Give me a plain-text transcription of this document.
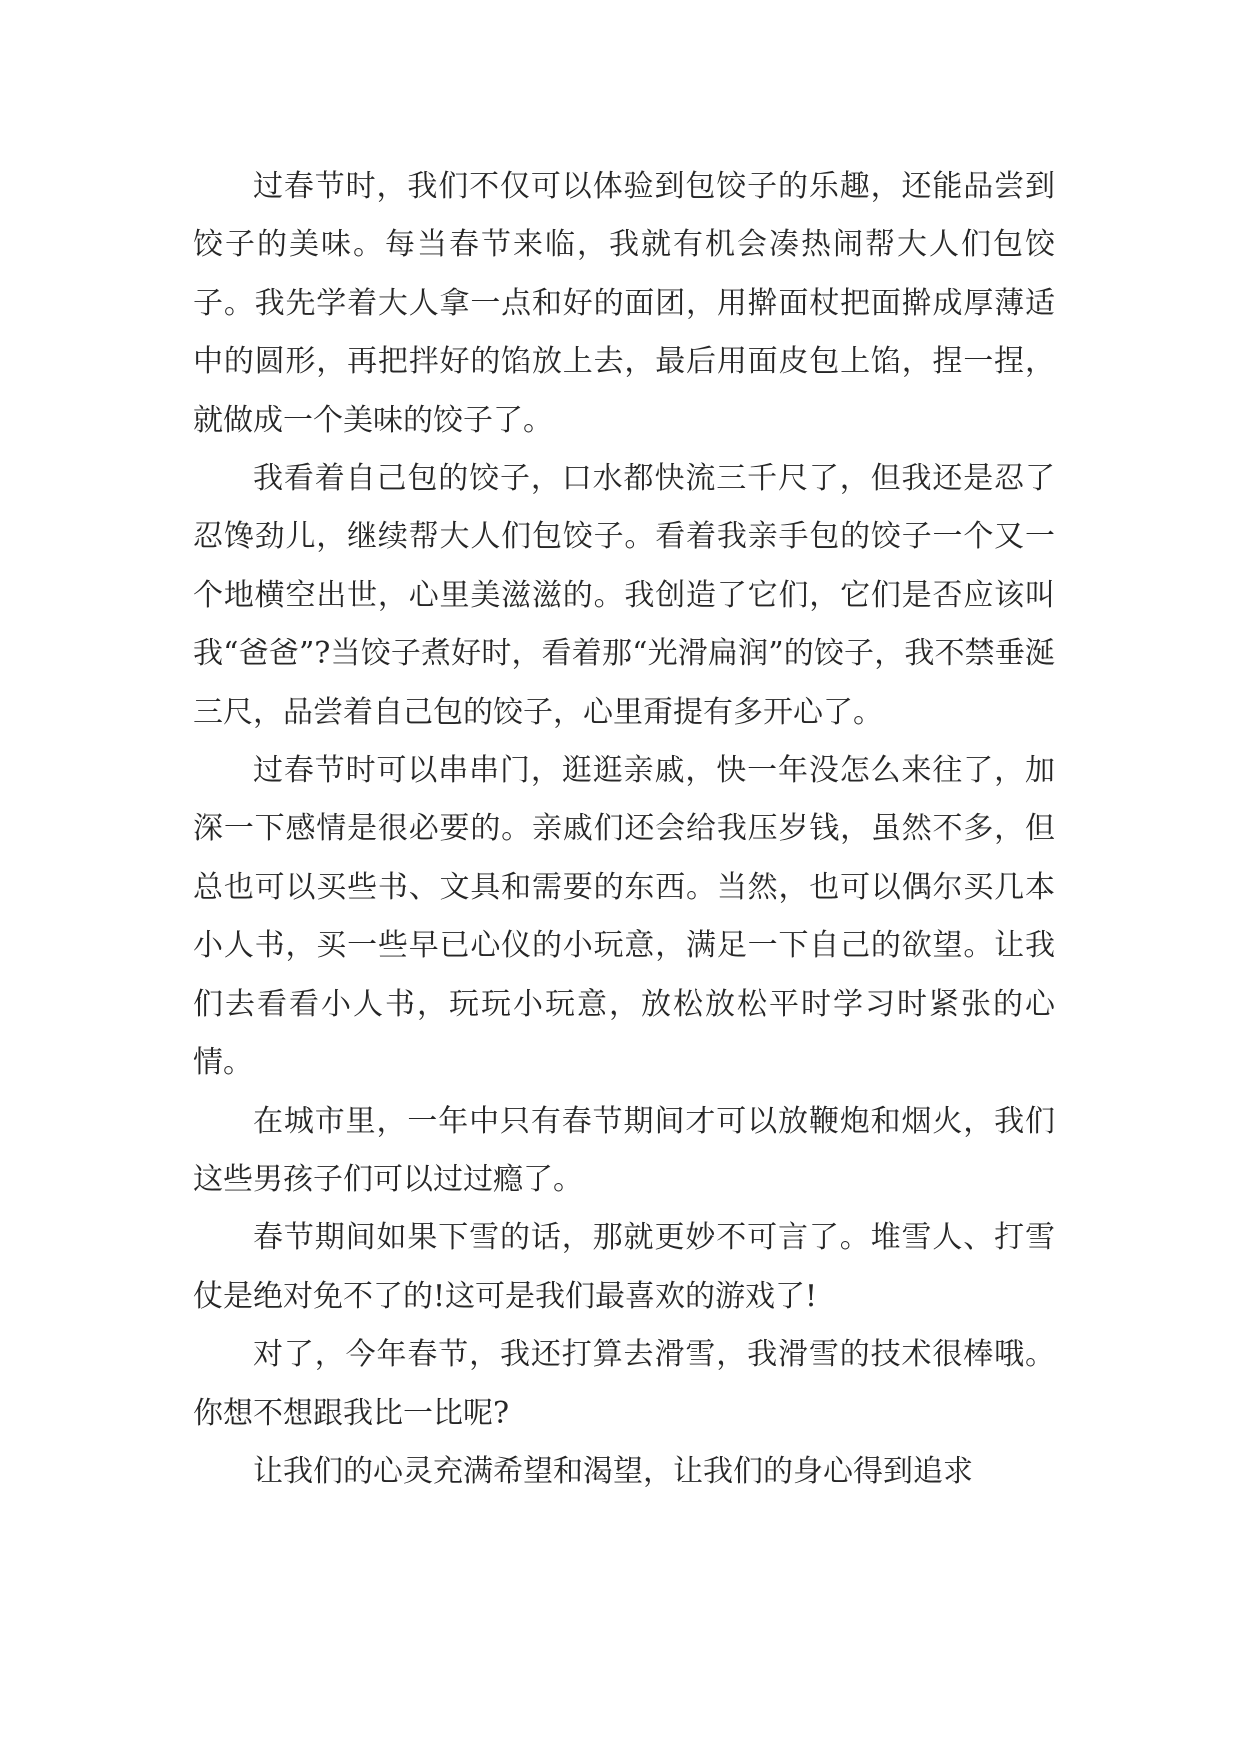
过春节时，我们不仅可以体验到包饺子的乐趣，还能品尝到饺子的美味。每当春节来临，我就有机会凑热闹帮大人们包饺子。我先学着大人拿一点和好的面团，用擀面杖把面擀成厚薄适中的圆形，再把拌好的馅放上去，最后用面皮包上馅，捏一捏，就做成一个美味的饺子了。

我看着自己包的饺子，口水都快流三千尺了，但我还是忍了忍馋劲儿，继续帮大人们包饺子。看着我亲手包的饺子一个又一个地横空出世，心里美滋滋的。我创造了它们，它们是否应该叫我“爸爸”?当饺子煮好时，看着那“光滑扁润”的饺子，我不禁垂涎三尺，品尝着自己包的饺子，心里甭提有多开心了。

过春节时可以串串门，逛逛亲戚，快一年没怎么来往了，加深一下感情是很必要的。亲戚们还会给我压岁钱，虽然不多，但总也可以买些书、文具和需要的东西。当然，也可以偶尔买几本小人书，买一些早已心仪的小玩意，满足一下自己的欲望。让我们去看看小人书，玩玩小玩意，放松放松平时学习时紧张的心情。

在城市里，一年中只有春节期间才可以放鞭炮和烟火，我们这些男孩子们可以过过瘾了。

春节期间如果下雪的话，那就更妙不可言了。堆雪人、打雪仗是绝对免不了的!这可是我们最喜欢的游戏了!

对了，今年春节，我还打算去滑雪，我滑雪的技术很棒哦。你想不想跟我比一比呢?

让我们的心灵充满希望和渴望，让我们的身心得到追求
